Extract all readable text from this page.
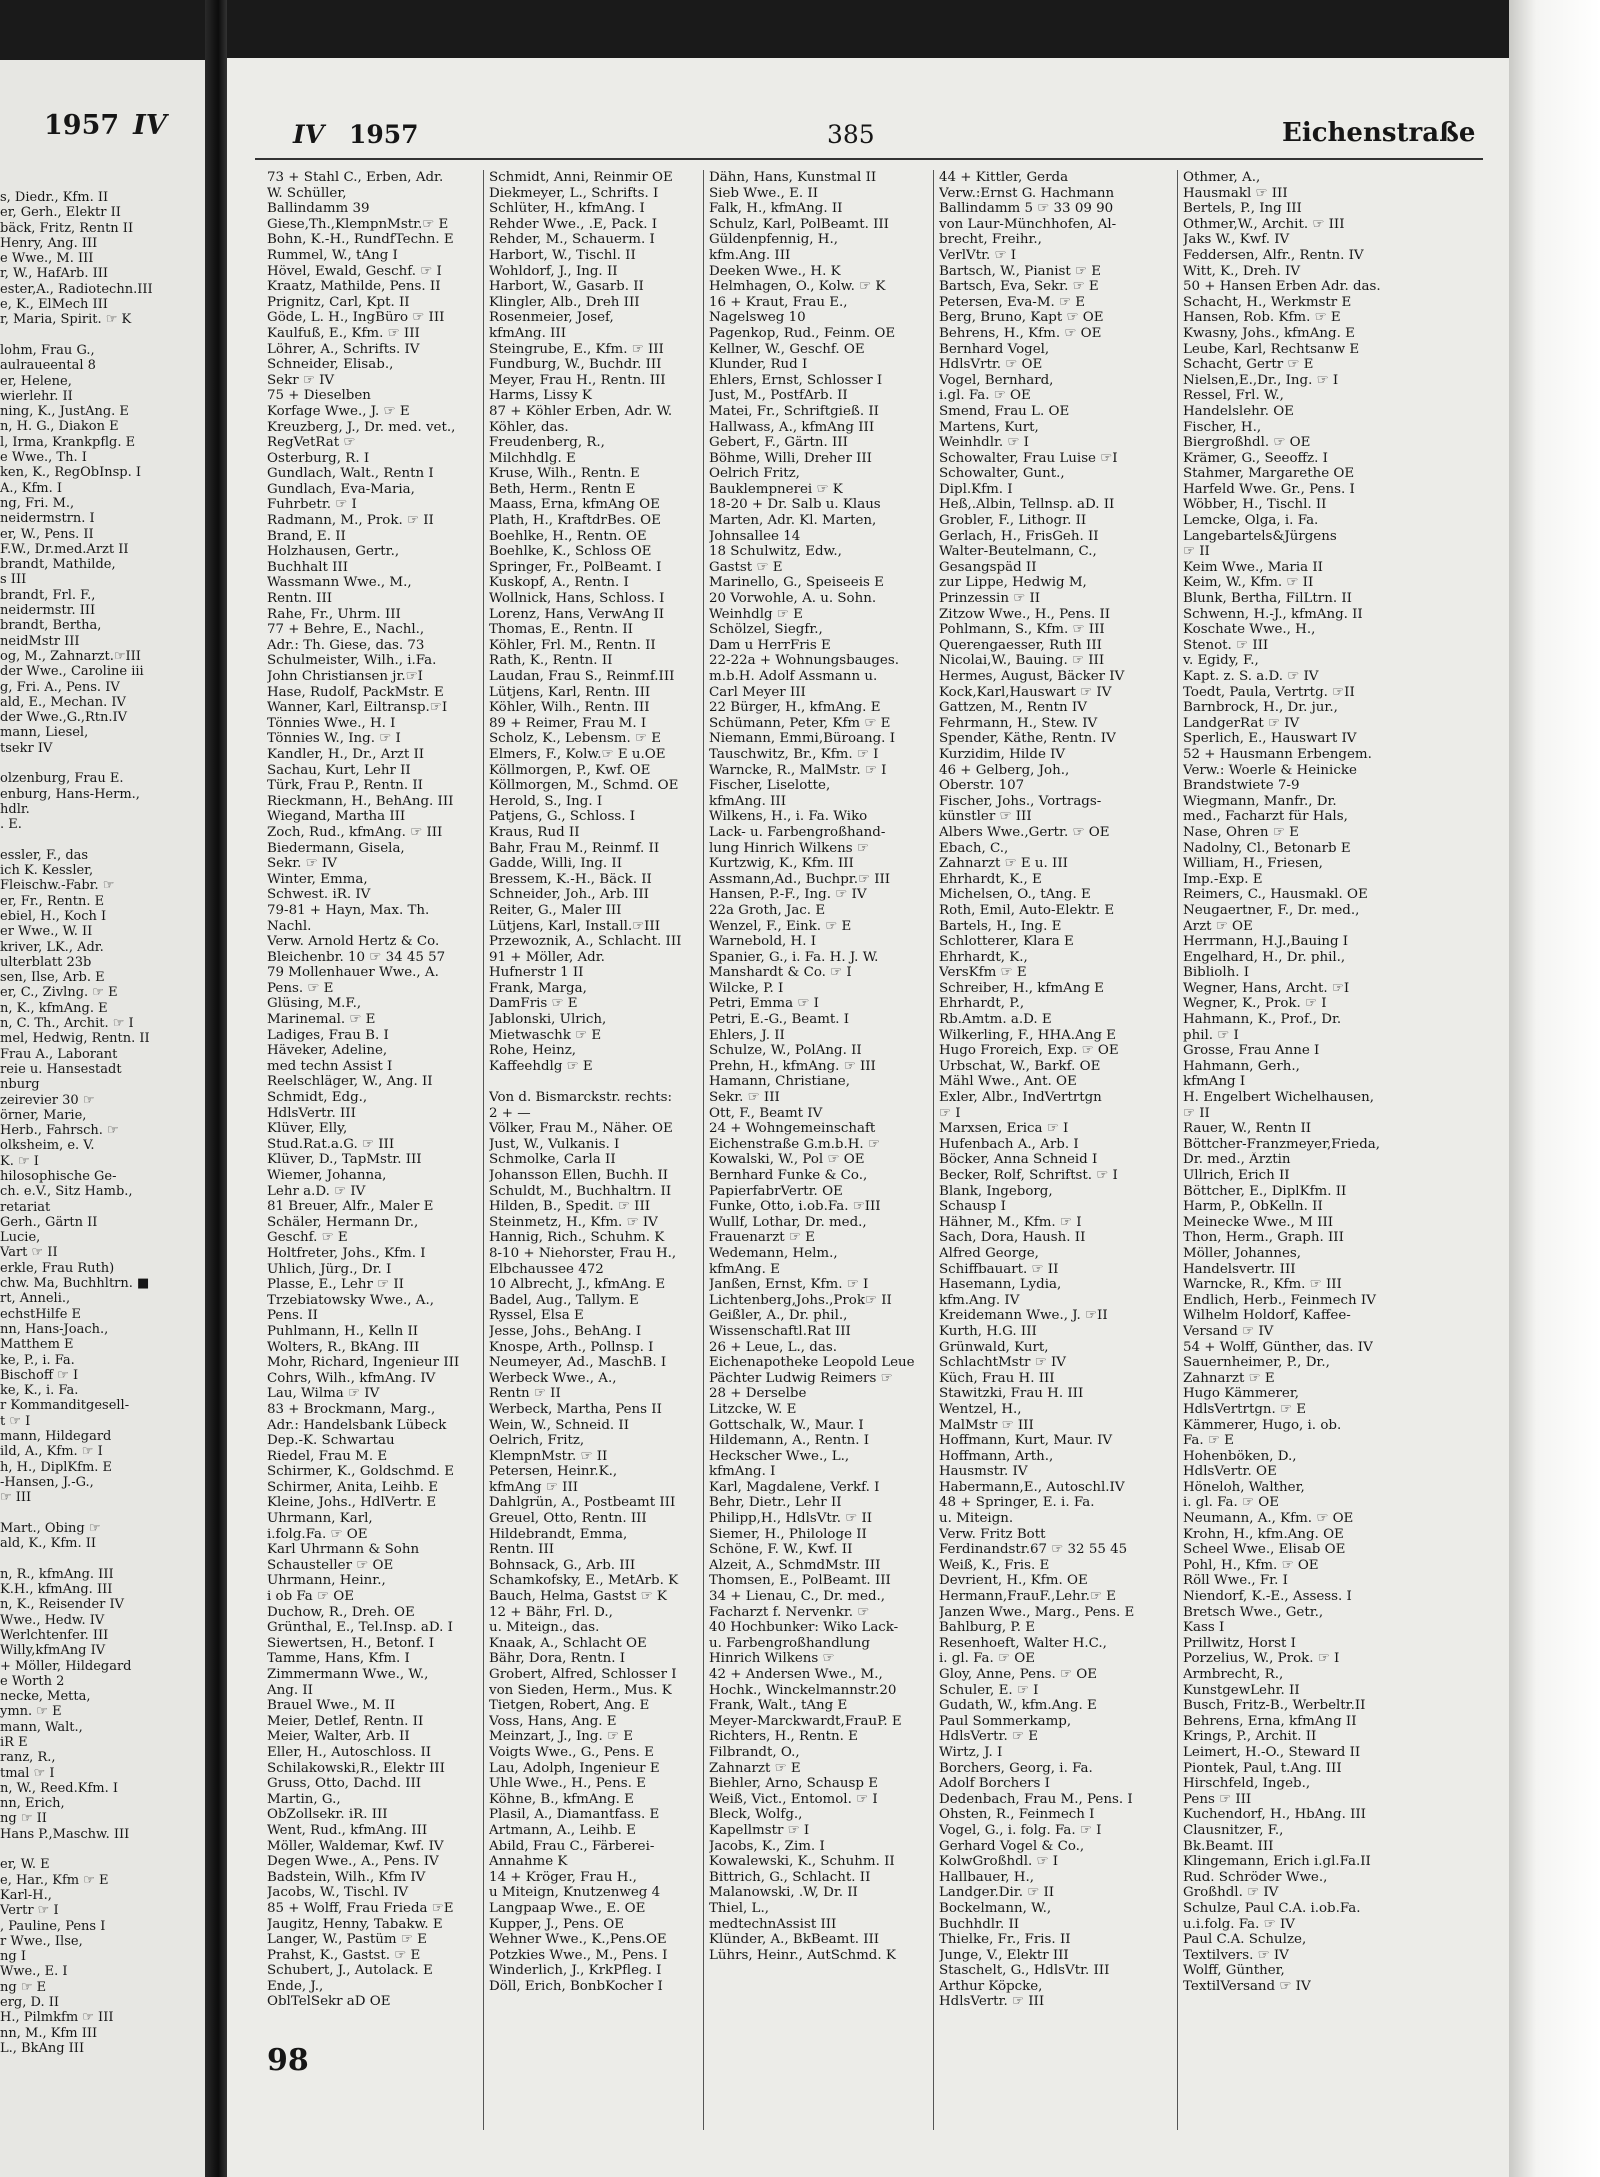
1957 IV
s, Diedr., Kfm. II
er, Gerh., Elektr II
bäck, Fritz, Rentn II
Henry, Ang. III
e Wwe., M. III
r, W., HafArb. III
ester,A., Radiotechn.III
e, K., ElMech III
r, Maria, Spirit. ☞ K

lohm, Frau G.,
aulraueental 8
er, Helene,
wierlehr. II
ning, K., JustAng. E
n, H. G., Diakon E
l, Irma, Krankpflg. E
e Wwe., Th. I
ken, K., RegObInsp. I
A., Kfm. I
ng, Fri. M.,
neidermstrn. I
er, W., Pens. II
F.W., Dr.med.Arzt II
brandt, Mathilde,
s III
brandt, Frl. F.,
neidermstr. III
brandt, Bertha,
neidMstr III
og, M., Zahnarzt.☞III
der Wwe., Caroline iii
g, Fri. A., Pens. IV
ald, E., Mechan. IV
der Wwe.,G.,Rtn.IV
mann, Liesel,
tsekr IV

olzenburg, Frau E.
enburg, Hans-Herm.,
hdlr.
. E.

essler, F., das
ich K. Kessler,
Fleischw.-Fabr. ☞
er, Fr., Rentn. E
ebiel, H., Koch I
er Wwe., W. II
kriver, LK., Adr.
ulterblatt 23b
sen, Ilse, Arb. E
er, C., Zivlng. ☞ E
n, K., kfmAng. E
n, C. Th., Archit. ☞ I
mel, Hedwig, Rentn. II
Frau A., Laborant
reie u. Hansestadt
nburg
zeirevier 30 ☞
örner, Marie,
Herb., Fahrsch. ☞
olksheim, e. V.
K. ☞ I
hilosophische Ge-
ch. e.V., Sitz Hamb.,
retariat
Gerh., Gärtn II
Lucie,
Vart ☞ II
erkle, Frau Ruth)
chw. Ma, Buchhltrn. ■
rt, Anneli.,
echstHilfe E
nn, Hans-Joach.,
Matthem E
ke, P., i. Fa.
Bischoff ☞ I
ke, K., i. Fa.
r Kommanditgesell-
t ☞ I
mann, Hildegard
ild, A., Kfm. ☞ I
h, H., DiplKfm. E
-Hansen, J.-G.,
☞ III

Mart., Obing ☞
ald, K., Kfm. II

n, R., kfmAng. III
K.H., kfmAng. III
n, K., Reisender IV
Wwe., Hedw. IV
Werlchtenfer. III
Willy,kfmAng IV
+ Möller, Hildegard
e Worth 2
necke, Metta,
ymn. ☞ E
mann, Walt.,
iR E
ranz, R.,
tmal ☞ I
n, W., Reed.Kfm. I
nn, Erich,
ng ☞ II
Hans P.,Maschw. III

er, W. E
e, Har., Kfm ☞ E
Karl-H.,
Vertr ☞ I
, Pauline, Pens I
r Wwe., Ilse,
ng I
Wwe., E. I
ng ☞ E
erg, D. II
H., Pilmkfm ☞ III
nn, M., Kfm III
L., BkAng III
IV 1957	385	Eichenstraße
73 + Stahl C., Erben, Adr.
W. Schüller,
Ballindamm 39
Giese,Th.,KlempnMstr.☞ E
Bohn, K.-H., RundfTechn. E
Rummel, W., tAng I
Hövel, Ewald, Geschf. ☞ I
Kraatz, Mathilde, Pens. II
Prignitz, Carl, Kpt. II
Göde, L. H., IngBüro ☞ III
Kaulfuß, E., Kfm. ☞ III
Löhrer, A., Schrifts. IV
Schneider, Elisab.,
Sekr ☞ IV
75 + Dieselben
Korfage Wwe., J. ☞ E
Kreuzberg, J., Dr. med. vet.,
RegVetRat ☞
Osterburg, R. I
Gundlach, Walt., Rentn I
Gundlach, Eva-Maria,
Fuhrbetr. ☞ I
Radmann, M., Prok. ☞ II
Brand, E. II
Holzhausen, Gertr.,
Buchhalt III
Wassmann Wwe., M.,
Rentn. III
Rahe, Fr., Uhrm. III
77 + Behre, E., Nachl.,
Adr.: Th. Giese, das. 73
Schulmeister, Wilh., i.Fa.
John Christiansen jr.☞I
Hase, Rudolf, PackMstr. E
Wanner, Karl, Eiltransp.☞I
Tönnies Wwe., H. I
Tönnies W., Ing. ☞ I
Kandler, H., Dr., Arzt II
Sachau, Kurt, Lehr II
Türk, Frau P., Rentn. II
Rieckmann, H., BehAng. III
Wiegand, Martha III
Zoch, Rud., kfmAng. ☞ III
Biedermann, Gisela,
Sekr. ☞ IV
Winter, Emma,
Schwest. iR. IV
79-81 + Hayn, Max. Th.
Nachl.
Verw. Arnold Hertz & Co.
Bleichenbr. 10 ☞ 34 45 57
79 Mollenhauer Wwe., A.
Pens. ☞ E
Glüsing, M.F.,
Marinemal. ☞ E
Ladiges, Frau B. I
Häveker, Adeline,
med techn Assist I
Reelschläger, W., Ang. II
Schmidt, Edg.,
HdlsVertr. III
Klüver, Elly,
Stud.Rat.a.G. ☞ III
Klüver, D., TapMstr. III
Wiemer, Johanna,
Lehr a.D. ☞ IV
81 Breuer, Alfr., Maler E
Schäler, Hermann Dr.,
Geschf. ☞ E
Holtfreter, Johs., Kfm. I
Uhlich, Jürg., Dr. I
Plasse, E., Lehr ☞ II
Trzebiatowsky Wwe., A.,
Pens. II
Puhlmann, H., Kelln II
Wolters, R., BkAng. III
Mohr, Richard, Ingenieur III
Cohrs, Wilh., kfmAng. IV
Lau, Wilma ☞ IV
83 + Brockmann, Marg.,
Adr.: Handelsbank Lübeck
Dep.-K. Schwartau
Riedel, Frau M. E
Schirmer, K., Goldschmd. E
Schirmer, Anita, Leihb. E
Kleine, Johs., HdlVertr. E
Uhrmann, Karl,
i.folg.Fa. ☞ OE
Karl Uhrmann & Sohn
Schausteller ☞ OE
Uhrmann, Heinr.,
i ob Fa ☞ OE
Duchow, R., Dreh. OE
Grünthal, E., Tel.Insp. aD. I
Siewertsen, H., Betonf. I
Tamme, Hans, Kfm. I
Zimmermann Wwe., W.,
Ang. II
Brauel Wwe., M. II
Meier, Detlef, Rentn. II
Meier, Walter, Arb. II
Eller, H., Autoschloss. II
Schilakowski,R., Elektr III
Gruss, Otto, Dachd. III
Martin, G.,
ObZollsekr. iR. III
Went, Rud., kfmAng. III
Möller, Waldemar, Kwf. IV
Degen Wwe., A., Pens. IV
Badstein, Wilh., Kfm IV
Jacobs, W., Tischl. IV
85 + Wolff, Frau Frieda ☞E
Jaugitz, Henny, Tabakw. E
Langer, W., Pastüm ☞ E
Prahst, K., Gastst. ☞ E
Schubert, J., Autolack. E
Ende, J.,
OblTelSekr aD OE
Schmidt, Anni, Reinmir OE
Diekmeyer, L., Schrifts. I
Schlüter, H., kfmAng. I
Rehder Wwe., .E, Pack. I
Rehder, M., Schauerm. I
Harbort, W., Tischl. II
Wohldorf, J., Ing. II
Harbort, W., Gasarb. II
Klingler, Alb., Dreh III
Rosenmeier, Josef,
kfmAng. III
Steingrube, E., Kfm. ☞ III
Fundburg, W., Buchdr. III
Meyer, Frau H., Rentn. III
Harms, Lissy K
87 + Köhler Erben, Adr. W.
Köhler, das.
Freudenberg, R.,
Milchhdlg. E
Kruse, Wilh., Rentn. E
Beth, Herm., Rentn E
Maass, Erna, kfmAng OE
Plath, H., KraftdrBes. OE
Boehlke, H., Rentn. OE
Boehlke, K., Schloss OE
Springer, Fr., PolBeamt. I
Kuskopf, A., Rentn. I
Wollnick, Hans, Schloss. I
Lorenz, Hans, VerwAng II
Thomas, E., Rentn. II
Köhler, Frl. M., Rentn. II
Rath, K., Rentn. II
Laudan, Frau S., Reinmf.III
Lütjens, Karl, Rentn. III
Köhler, Wilh., Rentn. III
89 + Reimer, Frau M. I
Scholz, K., Lebensm. ☞ E
Elmers, F., Kolw.☞ E u.OE
Köllmorgen, P., Kwf. OE
Köllmorgen, M., Schmd. OE
Herold, S., Ing. I
Patjens, G., Schloss. I
Kraus, Rud II
Bahr, Frau M., Reinmf. II
Gadde, Willi, Ing. II
Bressem, K.-H., Bäck. II
Schneider, Joh., Arb. III
Reiter, G., Maler III
Lütjens, Karl, Install.☞III
Przewoznik, A., Schlacht. III
91 + Möller, Adr.
Hufnerstr 1 II
Frank, Marga,
DamFris ☞ E
Jablonski, Ulrich,
Mietwaschk ☞ E
Rohe, Heinz,
Kaffeehdlg ☞ E

Von d. Bismarckstr. rechts:
2 + —
Völker, Frau M., Näher. OE
Just, W., Vulkanis. I
Schmolke, Carla II
Johansson Ellen, Buchh. II
Schuldt, M., Buchhaltrn. II
Hilden, B., Spedit. ☞ III
Steinmetz, H., Kfm. ☞ IV
Hannig, Rich., Schuhm. K
8-10 + Niehorster, Frau H.,
Elbchaussee 472
10 Albrecht, J., kfmAng. E
Badel, Aug., Tallym. E
Ryssel, Elsa E
Jesse, Johs., BehAng. I
Knospe, Arth., Pollnsp. I
Neumeyer, Ad., MaschB. I
Werbeck Wwe., A.,
Rentn ☞ II
Werbeck, Martha, Pens II
Wein, W., Schneid. II
Oelrich, Fritz,
KlempnMstr. ☞ II
Petersen, Heinr.K.,
kfmAng ☞ III
Dahlgrün, A., Postbeamt III
Greuel, Otto, Rentn. III
Hildebrandt, Emma,
Rentn. III
Bohnsack, G., Arb. III
Schamkofsky, E., MetArb. K
Bauch, Helma, Gastst ☞ K
12 + Bähr, Frl. D.,
u. Miteign., das.
Knaak, A., Schlacht OE
Bähr, Dora, Rentn. I
Grobert, Alfred, Schlosser I
von Sieden, Herm., Mus. K
Tietgen, Robert, Ang. E
Voss, Hans, Ang. E
Meinzart, J., Ing. ☞ E
Voigts Wwe., G., Pens. E
Lau, Adolph, Ingenieur E
Uhle Wwe., H., Pens. E
Köhne, B., kfmAng. E
Plasil, A., Diamantfass. E
Artmann, A., Leihb. E
Abild, Frau C., Färberei-
Annahme K
14 + Kröger, Frau H.,
u Miteign, Knutzenweg 4
Langpaap Wwe., E. OE
Kupper, J., Pens. OE
Wehner Wwe., K.,Pens.OE
Potzkies Wwe., M., Pens. I
Winderlich, J., KrkPfleg. I
Döll, Erich, BonbKocher I
Dähn, Hans, Kunstmal II
Sieb Wwe., E. II
Falk, H., kfmAng. II
Schulz, Karl, PolBeamt. III
Güldenpfennig, H.,
kfm.Ang. III
Deeken Wwe., H. K
Helmhagen, O., Kolw. ☞ K
16 + Kraut, Frau E.,
Nagelsweg 10
Pagenkop, Rud., Feinm. OE
Kellner, W., Geschf. OE
Klunder, Rud I
Ehlers, Ernst, Schlosser I
Just, M., PostfArb. II
Matei, Fr., Schriftgieß. II
Hallwass, A., kfmAng III
Gebert, F., Gärtn. III
Böhme, Willi, Dreher III
Oelrich Fritz,
Bauklempnerei ☞ K
18-20 + Dr. Salb u. Klaus
Marten, Adr. Kl. Marten,
Johnsallee 14
18 Schulwitz, Edw.,
Gastst ☞ E
Marinello, G., Speiseeis E
20 Vorwohle, A. u. Sohn.
Weinhdlg ☞ E
Schölzel, Siegfr.,
Dam u HerrFris E
22-22a + Wohnungsbauges.
m.b.H. Adolf Assmann u.
Carl Meyer III
22 Bürger, H., kfmAng. E
Schümann, Peter, Kfm ☞ E
Niemann, Emmi,Büroang. I
Tauschwitz, Br., Kfm. ☞ I
Warncke, R., MalMstr. ☞ I
Fischer, Liselotte,
kfmAng. III
Wilkens, H., i. Fa. Wiko
Lack- u. Farbengroßhand-
lung Hinrich Wilkens ☞
Kurtzwig, K., Kfm. III
Assmann,Ad., Buchpr.☞ III
Hansen, P.-F., Ing. ☞ IV
22a Groth, Jac. E
Wenzel, F., Eink. ☞ E
Warnebold, H. I
Spanier, G., i. Fa. H. J. W.
Manshardt & Co. ☞ I
Wilcke, P. I
Petri, Emma ☞ I
Petri, E.-G., Beamt. I
Ehlers, J. II
Schulze, W., PolAng. II
Prehn, H., kfmAng. ☞ III
Hamann, Christiane,
Sekr. ☞ III
Ott, F., Beamt IV
24 + Wohngemeinschaft
Eichenstraße G.m.b.H. ☞
Kowalski, W., Pol ☞ OE
Bernhard Funke & Co.,
PapierfabrVertr. OE
Funke, Otto, i.ob.Fa. ☞III
Wullf, Lothar, Dr. med.,
Frauenarzt ☞ E
Wedemann, Helm.,
kfmAng. E
Janßen, Ernst, Kfm. ☞ I
Lichtenberg,Johs.,Prok☞ II
Geißler, A., Dr. phil.,
Wissenschaftl.Rat III
26 + Leue, L., das.
Eichenapotheke Leopold Leue
Pächter Ludwig Reimers ☞
28 + Derselbe
Litzcke, W. E
Gottschalk, W., Maur. I
Hildemann, A., Rentn. I
Heckscher Wwe., L.,
kfmAng. I
Karl, Magdalene, Verkf. I
Behr, Dietr., Lehr II
Philipp,H., HdlsVtr. ☞ II
Siemer, H., Philologe II
Schöne, F. W., Kwf. II
Alzeit, A., SchmdMstr. III
Thomsen, E., PolBeamt. III
34 + Lienau, C., Dr. med.,
Facharzt f. Nervenkr. ☞
40 Hochbunker: Wiko Lack-
u. Farbengroßhandlung
Hinrich Wilkens ☞
42 + Andersen Wwe., M.,
Hochk., Winckelmannstr.20
Frank, Walt., tAng E
Meyer-Marckwardt,FrauP. E
Richters, H., Rentn. E
Filbrandt, O.,
Zahnarzt ☞ E
Biehler, Arno, Schausp E
Weiß, Vict., Entomol. ☞ I
Bleck, Wolfg.,
Kapellmstr ☞ I
Jacobs, K., Zim. I
Kowalewski, K., Schuhm. II
Bittrich, G., Schlacht. II
Malanowski, .W, Dr. II
Thiel, L.,
medtechnAssist III
Klünder, A., BkBeamt. III
Lührs, Heinr., AutSchmd. K
44 + Kittler, Gerda
Verw.:Ernst G. Hachmann
Ballindamm 5 ☞ 33 09 90
von Laur-Münchhofen, Al-
brecht, Freihr.,
VerlVtr. ☞ I
Bartsch, W., Pianist ☞ E
Bartsch, Eva, Sekr. ☞ E
Petersen, Eva-M. ☞ E
Berg, Bruno, Kapt ☞ OE
Behrens, H., Kfm. ☞ OE
Bernhard Vogel,
HdlsVrtr. ☞ OE
Vogel, Bernhard,
i.gl. Fa. ☞ OE
Smend, Frau L. OE
Martens, Kurt,
Weinhdlr. ☞ I
Schowalter, Frau Luise ☞I
Schowalter, Gunt.,
Dipl.Kfm. I
Heß,.Albin, Tellnsp. aD. II
Grobler, F., Lithogr. II
Gerlach, H., FrisGeh. II
Walter-Beutelmann, C.,
Gesangspäd II
zur Lippe, Hedwig M,
Prinzessin ☞ II
Zitzow Wwe., H., Pens. II
Pohlmann, S., Kfm. ☞ III
Querengaesser, Ruth III
Nicolai,W., Bauing. ☞ III
Hermes, August, Bäcker IV
Kock,Karl,Hauswart ☞ IV
Gattzen, M., Rentn IV
Fehrmann, H., Stew. IV
Spender, Käthe, Rentn. IV
Kurzidim, Hilde IV
46 + Gelberg, Joh.,
Oberstr. 107
Fischer, Johs., Vortrags-
künstler ☞ III
Albers Wwe.,Gertr. ☞ OE
Ebach, C.,
Zahnarzt ☞ E u. III
Ehrhardt, K., E
Michelsen, O., tAng. E
Roth, Emil, Auto-Elektr. E
Bartels, H., Ing. E
Schlotterer, Klara E
Ehrhardt, K.,
VersKfm ☞ E
Schreiber, H., kfmAng E
Ehrhardt, P.,
Rb.Amtm. a.D. E
Wilkerling, F., HHA.Ang E
Hugo Froreich, Exp. ☞ OE
Urbschat, W., Barkf. OE
Mähl Wwe., Ant. OE
Exler, Albr., IndVertrtgn
☞ I
Marxsen, Erica ☞ I
Hufenbach A., Arb. I
Böcker, Anna Schneid I
Becker, Rolf, Schriftst. ☞ I
Blank, Ingeborg,
Schausp I
Hähner, M., Kfm. ☞ I
Sach, Dora, Haush. II
Alfred George,
Schiffbauart. ☞ II
Hasemann, Lydia,
kfm.Ang. IV
Kreidemann Wwe., J. ☞II
Kurth, H.G. III
Grünwald, Kurt,
SchlachtMstr ☞ IV
Küch, Frau H. III
Stawitzki, Frau H. III
Wentzel, H.,
MalMstr ☞ III
Hoffmann, Kurt, Maur. IV
Hoffmann, Arth.,
Hausmstr. IV
Habermann,E., Autoschl.IV
48 + Springer, E. i. Fa.
u. Miteign.
Verw. Fritz Bott
Ferdinandstr.67 ☞ 32 55 45
Weiß, K., Fris. E
Devrient, H., Kfm. OE
Hermann,FrauF.,Lehr.☞ E
Janzen Wwe., Marg., Pens. E
Bahlburg, P. E
Resenhoeft, Walter H.C.,
i. gl. Fa. ☞ OE
Gloy, Anne, Pens. ☞ OE
Schuler, E. ☞ I
Gudath, W., kfm.Ang. E
Paul Sommerkamp,
HdlsVertr. ☞ E
Wirtz, J. I
Borchers, Georg, i. Fa.
Adolf Borchers I
Dedenbach, Frau M., Pens. I
Ohsten, R., Feinmech I
Vogel, G., i. folg. Fa. ☞ I
Gerhard Vogel & Co.,
KolwGroßhdl. ☞ I
Hallbauer, H.,
Landger.Dir. ☞ II
Bockelmann, W.,
Buchhdlr. II
Thielke, Fr., Fris. II
Junge, V., Elektr III
Staschelt, G., HdlsVtr. III
Arthur Köpcke,
HdlsVertr. ☞ III
Othmer, A.,
Hausmakl ☞ III
Bertels, P., Ing III
Othmer,W., Archit. ☞ III
Jaks W., Kwf. IV
Feddersen, Alfr., Rentn. IV
Witt, K., Dreh. IV
50 + Hansen Erben Adr. das.
Schacht, H., Werkmstr E
Hansen, Rob. Kfm. ☞ E
Kwasny, Johs., kfmAng. E
Leube, Karl, Rechtsanw E
Schacht, Gertr ☞ E
Nielsen,E.,Dr., Ing. ☞ I
Ressel, Frl. W.,
Handelslehr. OE
Fischer, H.,
Biergroßhdl. ☞ OE
Krämer, G., Seeoffz. I
Stahmer, Margarethe OE
Harfeld Wwe. Gr., Pens. I
Wöbber, H., Tischl. II
Lemcke, Olga, i. Fa.
Langebartels&Jürgens
☞ II
Keim Wwe., Maria II
Keim, W., Kfm. ☞ II
Blunk, Bertha, FilLtrn. II
Schwenn, H.-J., kfmAng. II
Koschate Wwe., H.,
Stenot. ☞ III
v. Egidy, F.,
Kapt. z. S. a.D. ☞ IV
Toedt, Paula, Vertrtg. ☞II
Barnbrock, H., Dr. jur.,
LandgerRat ☞ IV
Sperlich, E., Hauswart IV
52 + Hausmann Erbengem.
Verw.: Woerle & Heinicke
Brandstwiete 7-9
Wiegmann, Manfr., Dr.
med., Facharzt für Hals,
Nase, Ohren ☞ E
Nadolny, Cl., Betonarb E
William, H., Friesen,
Imp.-Exp. E
Reimers, C., Hausmakl. OE
Neugaertner, F., Dr. med.,
Arzt ☞ OE
Herrmann, H.J.,Bauing I
Engelhard, H., Dr. phil.,
Bibliolh. I
Wegner, Hans, Archt. ☞I
Wegner, K., Prok. ☞ I
Hahmann, K., Prof., Dr.
phil. ☞ I
Grosse, Frau Anne I
Hahmann, Gerh.,
kfmAng I
H. Engelbert Wichelhausen,
☞ II
Rauer, W., Rentn II
Böttcher-Franzmeyer,Frieda,
Dr. med., Ärztin
Ullrich, Erich II
Böttcher, E., DiplKfm. II
Harm, P., ObKelln. II
Meinecke Wwe., M III
Thon, Herm., Graph. III
Möller, Johannes,
Handelsvertr. III
Warncke, R., Kfm. ☞ III
Endlich, Herb., Feinmech IV
Wilhelm Holdorf, Kaffee-
Versand ☞ IV
54 + Wolff, Günther, das. IV
Sauernheimer, P., Dr.,
Zahnarzt ☞ E
Hugo Kämmerer,
HdlsVertrtgn. ☞ E
Kämmerer, Hugo, i. ob.
Fa. ☞ E
Hohenböken, D.,
HdlsVertr. OE
Höneloh, Walther,
i. gl. Fa. ☞ OE
Neumann, A., Kfm. ☞ OE
Krohn, H., kfm.Ang. OE
Scheel Wwe., Elisab OE
Pohl, H., Kfm. ☞ OE
Röll Wwe., Fr. I
Niendorf, K.-E., Assess. I
Bretsch Wwe., Getr.,
Kass I
Prillwitz, Horst I
Porzelius, W., Prok. ☞ I
Armbrecht, R.,
KunstgewLehr. II
Busch, Fritz-B., Werbeltr.II
Behrens, Erna, kfmAng II
Krings, P., Archit. II
Leimert, H.-O., Steward II
Piontek, Paul, t.Ang. III
Hirschfeld, Ingeb.,
Pens ☞ III
Kuchendorf, H., HbAng. III
Clausnitzer, F.,
Bk.Beamt. III
Klingemann, Erich i.gl.Fa.II
Rud. Schröder Wwe.,
Großhdl. ☞ IV
Schulze, Paul C.A. i.ob.Fa.
u.i.folg. Fa. ☞ IV
Paul C.A. Schulze,
Textilvers. ☞ IV
Wolff, Günther,
TextilVersand ☞ IV
98
